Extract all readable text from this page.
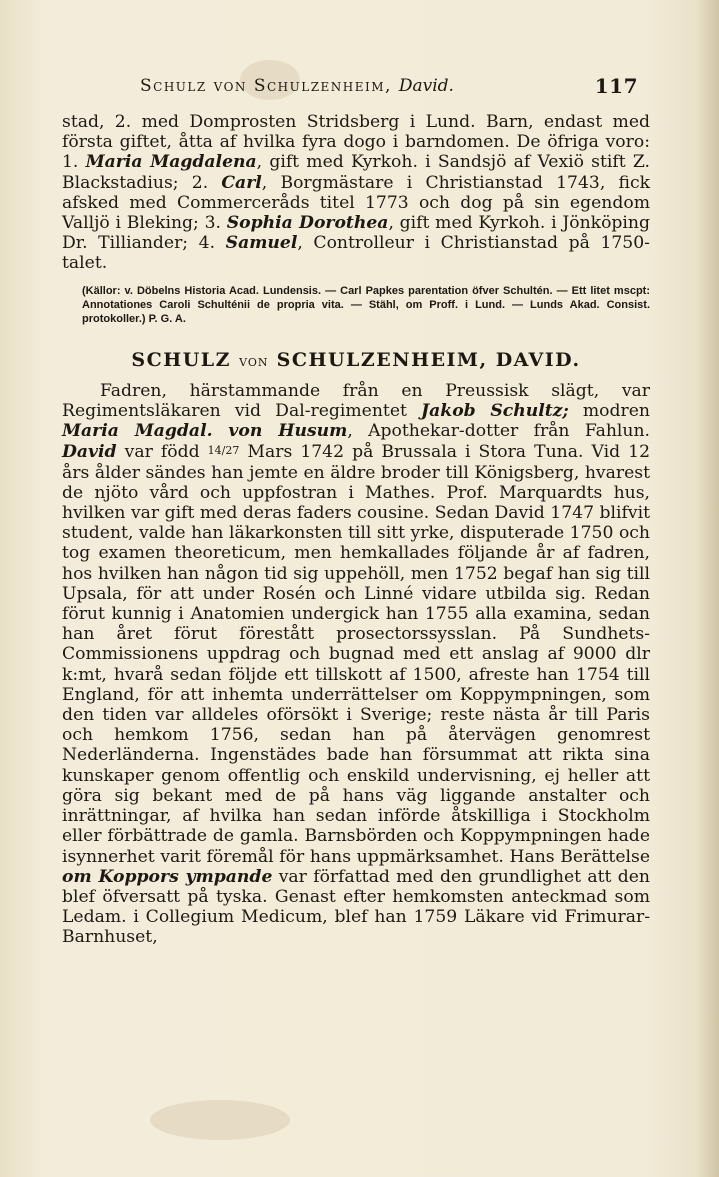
Schulz von Schulzenheim, David.	117

stad, 2. med Domprosten Stridsberg i Lund. Barn, endast med första giftet, åtta af hvilka fyra dogo i barndomen. De öfriga voro: 1. Maria Magdalena, gift med Kyrkoh. i Sandsjö af Vexiö stift Z. Blackstadius; 2. Carl, Borgmästare i Christianstad 1743, fick afsked med Commerceråds titel 1773 och dog på sin egendom Valljö i Bleking; 3. Sophia Dorothea, gift med Kyrkoh. i Jönköping Dr. Tilliander; 4. Samuel, Controlleur i Christianstad på 1750-talet.

(Källor: v. Döbelns Historia Acad. Lundensis. — Carl Papkes parentation öfver Schultén. — Ett litet mscpt: Annotationes Caroli Schulténii de propria vita. — Stähl, om Proff. i Lund. — Lunds Akad. Consist. protokoller.) P. G. A.
SCHULZ von SCHULZENHEIM, DAVID.

Fadren, härstammande från en Preussisk slägt, var Regimentsläkaren vid Dal-regimentet Jakob Schultz; modren Maria Magdal. von Husum, Apothekar-dotter från Fahlun. David var född 14/27 Mars 1742 på Brussala i Stora Tuna. Vid 12 års ålder sändes han jemte en äldre broder till Königsberg, hvarest de njöto vård och uppfostran i Mathes. Prof. Marquardts hus, hvilken var gift med deras faders cousine. Sedan David 1747 blifvit student, valde han läkarkonsten till sitt yrke, disputerade 1750 och tog examen theoreticum, men hemkallades följande år af fadren, hos hvilken han någon tid sig uppehöll, men 1752 begaf han sig till Upsala, för att under Rosén och Linné vidare utbilda sig. Redan förut kunnig i Anatomien undergick han 1755 alla examina, sedan han året förut förestått prosectorssysslan. På Sundhets-Commissionens uppdrag och bugnad med ett anslag af 9000 dlr k:mt, hvarå sedan följde ett tillskott af 1500, afreste han 1754 till England, för att inhemta underrättelser om Koppympningen, som den tiden var alldeles oförsökt i Sverige; reste nästa år till Paris och hemkom 1756, sedan han på återvägen genomrest Nederländerna. Ingenstädes bade han försummat att rikta sina kunskaper genom offentlig och enskild undervisning, ej heller att göra sig bekant med de på hans väg liggande anstalter och inrättningar, af hvilka han sedan införde åtskilliga i Stockholm eller förbättrade de gamla. Barnsbörden och Koppympningen hade isynnerhet varit föremål för hans uppmärksamhet. Hans Berättelse om Koppors ympande var författad med den grundlighet att den blef öfversatt på tyska. Genast efter hemkomsten anteckmad som Ledam. i Collegium Medicum, blef han 1759 Läkare vid Frimurar-Barnhuset,
